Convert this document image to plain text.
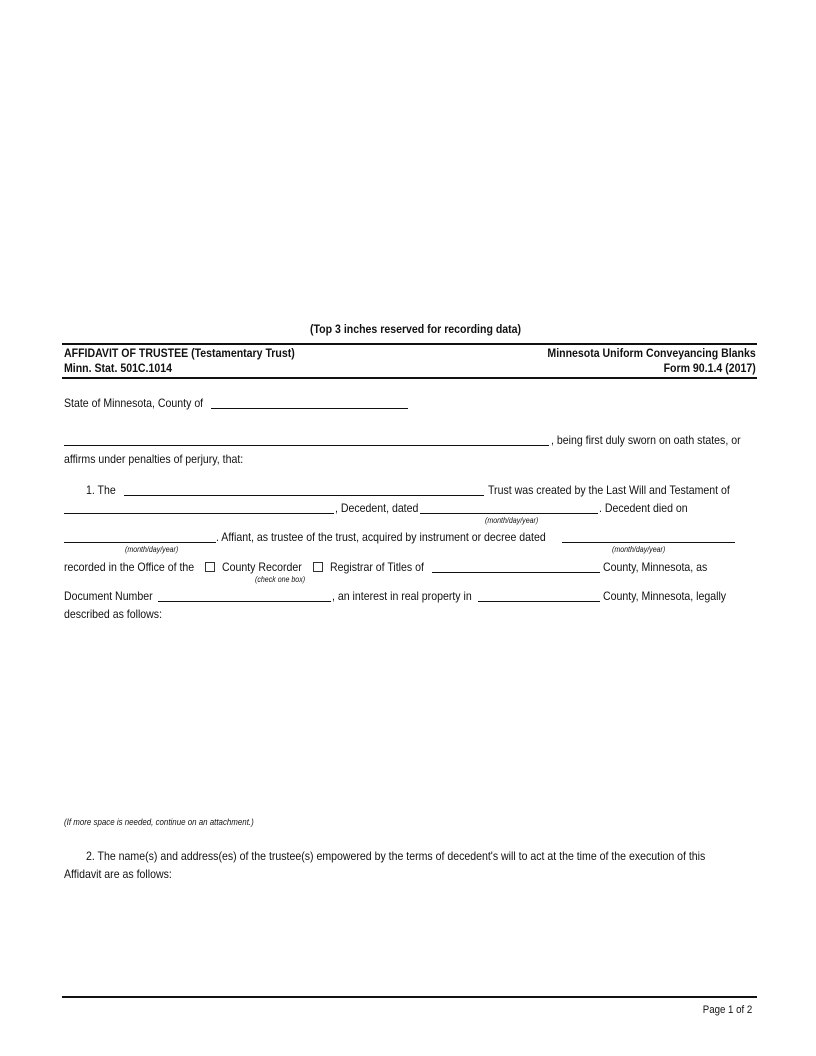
(Top 3 inches reserved for recording data)
AFFIDAVIT OF TRUSTEE (Testamentary Trust)
Minn. Stat. 501C.1014
Minnesota Uniform Conveyancing Blanks
Form 90.1.4 (2017)
State of Minnesota, County of
, being first duly sworn on oath states, or
affirms under penalties of perjury, that:
1. The	Trust was created by the Last Will and Testament of
, Decedent, dated	. Decedent died on
(month/day/year)
. Affiant, as trustee of the trust, acquired by instrument or decree dated
(month/day/year)	(month/day/year)
recorded in the Office of the County Recorder Registrar of Titles of	County, Minnesota, as
(check one box)
Document Number	, an interest in real property in	County, Minnesota, legally
described as follows:
(If more space is needed, continue on an attachment.)
2. The name(s) and address(es) of the trustee(s) empowered by the terms of decedent's will to act at the time of the execution of this
Affidavit are as follows:
Page 1 of 2
